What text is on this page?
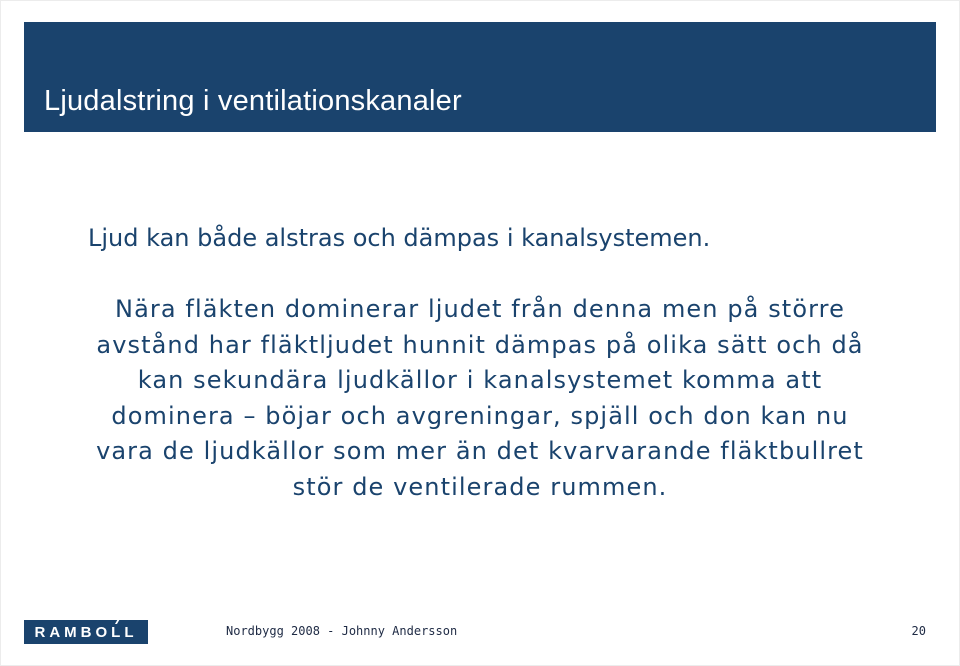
Ljudalstring i ventilationskanaler

Ljud kan både alstras och dämpas i kanalsystemen.

Nära fläkten dominerar ljudet från denna men på större
avstånd har fläktljudet hunnit dämpas på olika sätt och då
kan sekundära ljudkällor i kanalsystemet komma att
dominera – böjar och avgreningar, spjäll och don kan nu
vara de ljudkällor som mer än det kvarvarande fläktbullret
stör de ventilerade rummen.

RAMBOLL	Nordbygg 2008 - Johnny Andersson	20
